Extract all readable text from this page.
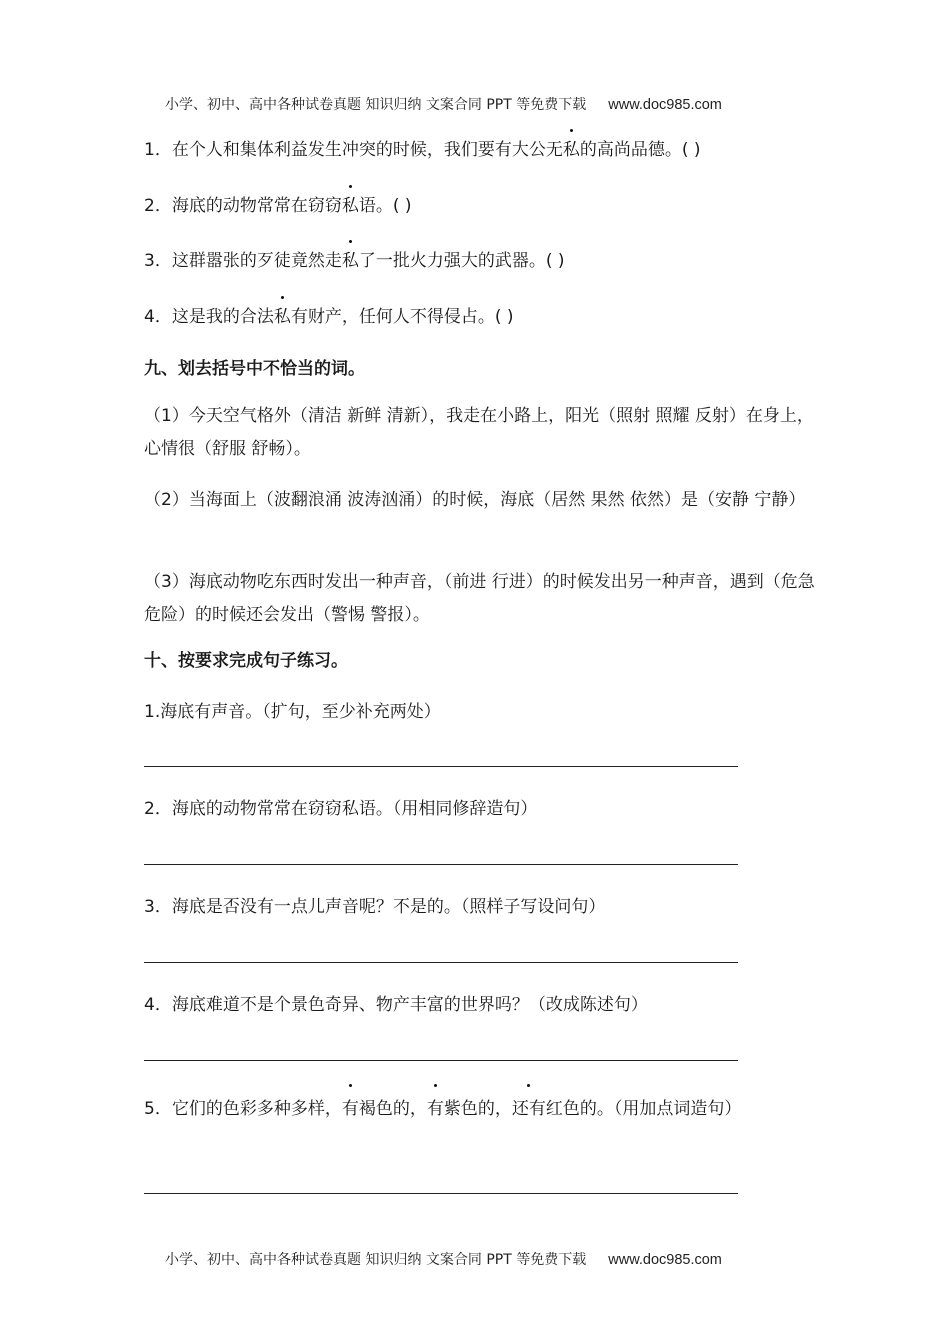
小学、初中、高中各种试卷真题 知识归纳 文案合同 PPT 等免费下载 www.doc985.com
1．在个人和集体利益发生冲突的时候，我们要有大公无私的高尚品德。( )
2．海底的动物常常在窃窃私语。( )
3．这群嚣张的歹徒竟然走私了一批火力强大的武器。( )
4．这是我的合法私有财产，任何人不得侵占。( )
九、划去括号中不恰当的词。
（1）今天空气格外（清洁 新鲜 清新），我走在小路上，阳光（照射 照耀 反射）在身上，心情很（舒服 舒畅）。
（2）当海面上（波翻浪涌 波涛汹涌）的时候，海底（居然 果然 依然）是（安静 宁静）
（3）海底动物吃东西时发出一种声音，（前进 行进）的时候发出另一种声音，遇到（危急 危险）的时候还会发出（警惕 警报）。
十、按要求完成句子练习。
1.海底有声音。（扩句，至少补充两处）
2．海底的动物常常在窃窃私语。（用相同修辞造句）
3．海底是否没有一点儿声音呢？不是的。（照样子写设问句）
4．海底难道不是个景色奇异、物产丰富的世界吗？（改成陈述句）
5．它们的色彩多种多样，有褐色的，有紫色的，还有红色的。（用加点词造句）
小学、初中、高中各种试卷真题 知识归纳 文案合同 PPT 等免费下载 www.doc985.com
